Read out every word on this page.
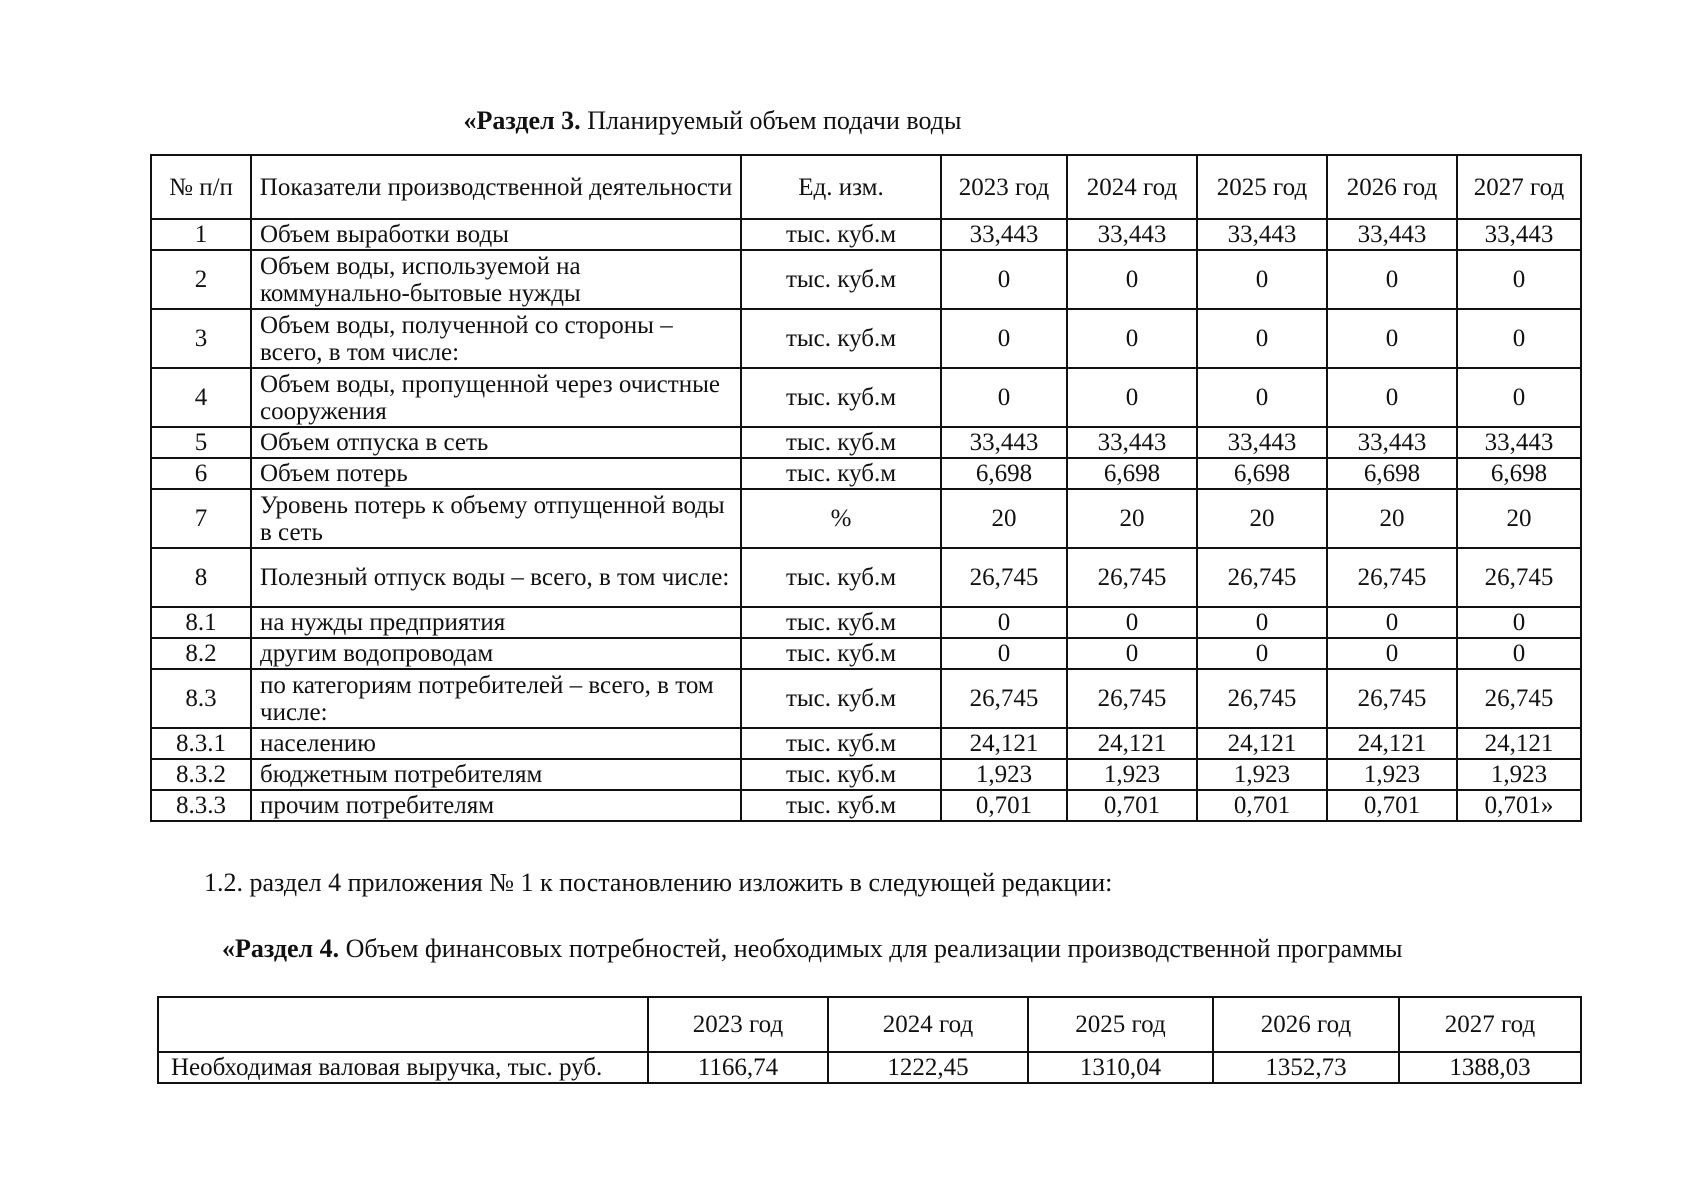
«Раздел 3. Планируемый объем подачи воды
№ п/п	Показатели производственной деятельности	Ед. изм.	2023 год	2024 год	2025 год	2026 год	2027 год
1	Объем выработки воды	тыс. куб.м	33,443	33,443	33,443	33,443	33,443
2	Объем воды, используемой на коммунально-бытовые нужды	тыс. куб.м	0	0	0	0	0
3	Объем воды, полученной со стороны – всего, в том числе:	тыс. куб.м	0	0	0	0	0
4	Объем воды, пропущенной через очистные сооружения	тыс. куб.м	0	0	0	0	0
5	Объем отпуска в сеть	тыс. куб.м	33,443	33,443	33,443	33,443	33,443
6	Объем потерь	тыс. куб.м	6,698	6,698	6,698	6,698	6,698
7	Уровень потерь к объему отпущенной воды в сеть	%	20	20	20	20	20
8	Полезный отпуск воды – всего, в том числе:	тыс. куб.м	26,745	26,745	26,745	26,745	26,745
8.1	на нужды предприятия	тыс. куб.м	0	0	0	0	0
8.2	другим водопроводам	тыс. куб.м	0	0	0	0	0
8.3	по категориям потребителей – всего, в том числе:	тыс. куб.м	26,745	26,745	26,745	26,745	26,745
8.3.1	населению	тыс. куб.м	24,121	24,121	24,121	24,121	24,121
8.3.2	бюджетным потребителям	тыс. куб.м	1,923	1,923	1,923	1,923	1,923
8.3.3	прочим потребителям	тыс. куб.м	0,701	0,701	0,701	0,701	0,701»
1.2. раздел 4 приложения № 1 к постановлению изложить в следующей редакции:
«Раздел 4. Объем финансовых потребностей, необходимых для реализации производственной программы
	2023 год	2024 год	2025 год	2026 год	2027 год
Необходимая валовая выручка, тыс. руб.	1166,74	1222,45	1310,04	1352,73	1388,03
